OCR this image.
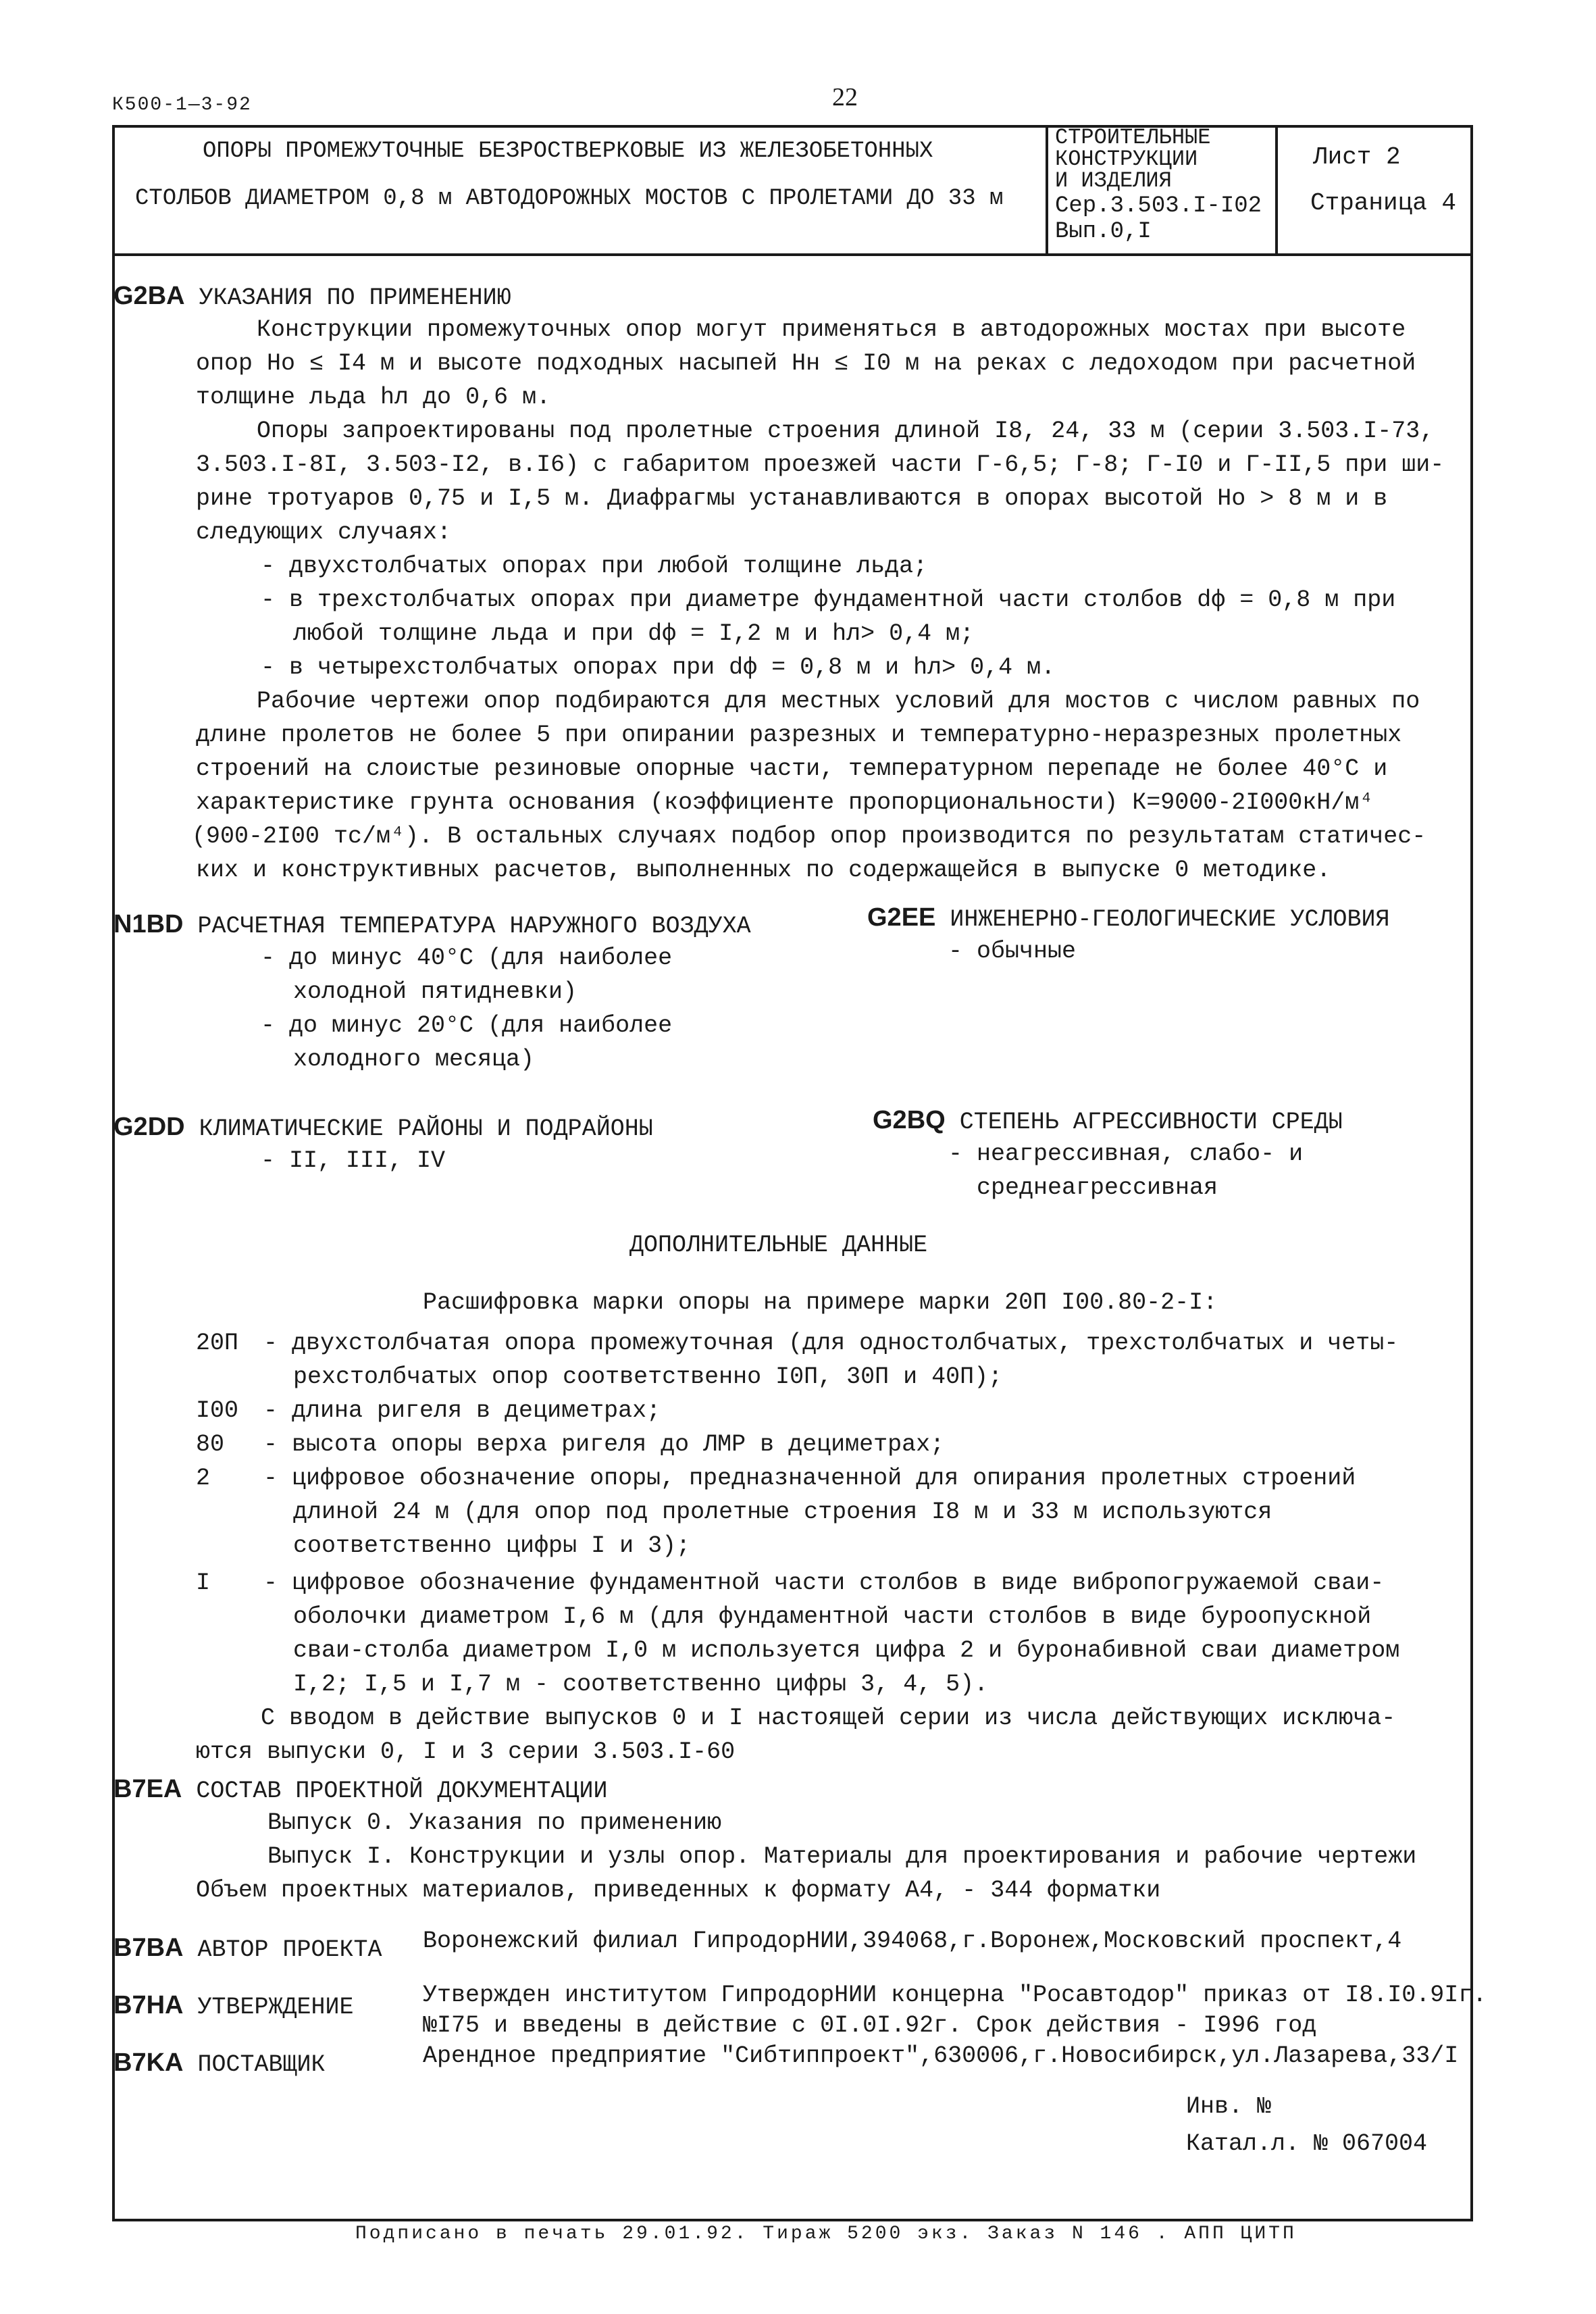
К500-1—3-92	22
ОПОРЫ ПРОМЕЖУТОЧНЫЕ БЕЗРОСТВЕРКОВЫЕ ИЗ ЖЕЛЕЗОБЕТОННЫХ
СТОЛБОВ ДИАМЕТРОМ 0,8 м АВТОДОРОЖНЫХ МОСТОВ С ПРОЛЕТАМИ ДО 33 м
СТРОИТЕЛЬНЫЕ
КОНСТРУКЦИИ
И ИЗДЕЛИЯ
Сер.3.503.I-I02
Вып.0,I
Лист 2
Страница 4
G2BA УКАЗАНИЯ ПО ПРИМЕНЕНИЮ
Конструкции промежуточных опор могут применяться в автодорожных мостах при высоте
опор Hо ≤ I4 м и высоте подходных насыпей Hн ≤ I0 м на реках с ледоходом при расчетной
толщине льда hл до 0,6 м.
Опоры запроектированы под пролетные строения длиной I8, 24, 33 м (серии 3.503.I-73,
3.503.I-8I, 3.503-I2, в.I6) с габаритом проезжей части Г-6,5; Г-8; Г-I0 и Г-II,5 при ши-
рине тротуаров 0,75 и I,5 м. Диафрагмы устанавливаются в опорах высотой Hо > 8 м и в
следующих случаях:
- двухстолбчатых опорах при любой толщине льда;
- в трехстолбчатых опорах при диаметре фундаментной части столбов dф = 0,8 м при
любой толщине льда и при dф = I,2 м и hл> 0,4 м;
- в четырехстолбчатых опорах при dф = 0,8 м и hл> 0,4 м.
Рабочие чертежи опор подбираются для местных условий для мостов с числом равных по
длине пролетов не более 5 при опирании разрезных и температурно-неразрезных пролетных
строений на слоистые резиновые опорные части, температурном перепаде не более 40°С и
характеристике грунта основания (коэффициенте пропорциональности) К=9000-2I000кН/м⁴
(900-2I00 тс/м⁴). В остальных случаях подбор опор производится по результатам статичес-
ких и конструктивных расчетов, выполненных по содержащейся в выпуске 0 методике.
N1BD РАСЧЕТНАЯ ТЕМПЕРАТУРА НАРУЖНОГО ВОЗДУХА
- до минус 40°С (для наиболее
холодной пятидневки)
- до минус 20°С (для наиболее
холодного месяца)
G2EE ИНЖЕНЕРНО-ГЕОЛОГИЧЕСКИЕ УСЛОВИЯ
- обычные
G2DD КЛИМАТИЧЕСКИЕ РАЙОНЫ И ПОДРАЙОНЫ
- II, III, IV
G2BQ СТЕПЕНЬ АГРЕССИВНОСТИ СРЕДЫ
- неагрессивная, слабо- и
среднеагрессивная
ДОПОЛНИТЕЛЬНЫЕ ДАННЫЕ
Расшифровка марки опоры на примере марки 20П I00.80-2-I:
20П - двухстолбчатая опора промежуточная (для одностолбчатых, трехстолбчатых и четы-
рехстолбчатых опор соответственно I0П, 30П и 40П);
I00 - длина ригеля в дециметрах;
80 - высота опоры верха ригеля до ЛМР в дециметрах;
2 - цифровое обозначение опоры, предназначенной для опирания пролетных строений
длиной 24 м (для опор под пролетные строения I8 м и 33 м используются
соответственно цифры I и 3);
I - цифровое обозначение фундаментной части столбов в виде вибропогружаемой сваи-
оболочки диаметром I,6 м (для фундаментной части столбов в виде буроопускной
сваи-столба диаметром I,0 м используется цифра 2 и буронабивной сваи диаметром
I,2; I,5 и I,7 м - соответственно цифры 3, 4, 5).
С вводом в действие выпусков 0 и I настоящей серии из числа действующих исключа-
ются выпуски 0, I и 3 серии 3.503.I-60
B7EA СОСТАВ ПРОЕКТНОЙ ДОКУМЕНТАЦИИ
Выпуск 0. Указания по применению
Выпуск I. Конструкции и узлы опор. Материалы для проектирования и рабочие чертежи
Объем проектных материалов, приведенных к формату А4, - 344 форматки
B7BA АВТОР ПРОЕКТА Воронежский филиал ГипродорНИИ,394068,г.Воронеж,Московский проспект,4
B7HA УТВЕРЖДЕНИЕ	Утвержден институтом ГипродорНИИ концерна "Росавтодор" приказ от I8.I0.9Iг.
№I75 и введены в действие с 0I.0I.92г. Срок действия - I996 год
B7KA ПОСТАВЩИК	Арендное предприятие "Сибтиппроект",630006,г.Новосибирск,ул.Лазарева,33/I
Инв. №
Катал.л. № 067004
Подписано в печать 29.01.92. Тираж 5200 экз. Заказ N 146 . АПП ЦИТП
